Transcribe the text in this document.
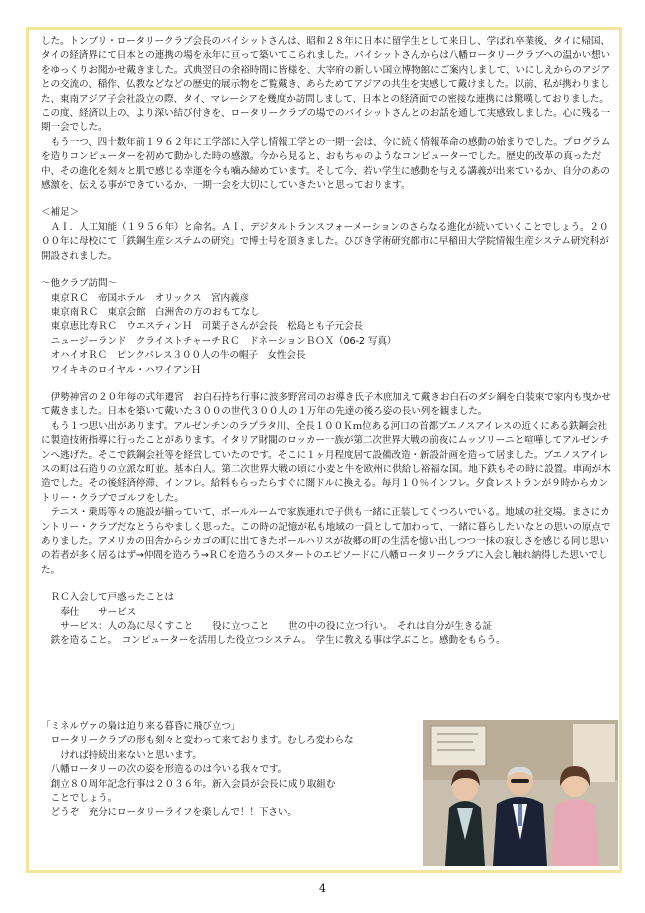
した。トンブリ・ロータリークラブ会長のパイシットさんは、昭和２８年に日本に留学生として来日し、学ばれ卒業後、タイに帰国、タイの経済界にて日本との連携の場を永年に亘って築いてこられました。パイシットさんからは八幡ロータリークラブへの温かい想いをゆっくりお聞かせ戴きました。式典翌日の余裕時間に皆様を、大宰府の新しい国立博物館にご案内しまして、いにしえからのアジアとの交流の、稲作、仏教などなどの歴史的展示物をご覧戴き、あらためてアジアの共生を実感して戴けました。以前、私が携わりました、東南アジア子会社設立の際、タイ、マレーシアを幾度か訪問しまして、日本との経済面での密接な連携には驚嘆しておりました。この度、経済以上の、より深い結び付きを、ロータリークラブの場でのパイシットさんとのお話を通して実感致しました。心に残る一期一会でした。

もう一つ、四十数年前１９６２年に工学部に入学し情報工学との一期一会は、今に続く情報革命の感動の始まりでした。プログラムを造りコンピューターを初めて動かした時の感激。今から見ると、おもちゃのようなコンピューターでした。歴史的改革の真っただ中、その進化を刻々と肌で感じる幸運を今も噛み締めています。そして今、若い学生に感動を与える講義が出来ているか、自分のあの感激を、伝える事ができているか、一期一会を大切にしていきたいと思っております。

＜補足＞

ＡＩ．人工知能（１９５６年）と命名。ＡＩ、デジタルトランスフォーメーションのさらなる進化が続いていくことでしょう。２０００年に母校にて「鉄鋼生産システムの研究」で博士号を頂きました。ひびき学術研究都市に早稲田大学院情報生産システム研究科が開設されました。

〜他クラブ訪問〜

東京ＲＣ　帝国ホテル　オリックス　宮内義彦

東京南ＲＣ　東京会館　白洲舎の方のおもてなし

東京恵比寿ＲＣ　ウエスティンＨ　司葉子さんが会長　松島とも子元会長

ニュージーランド　クライストチャーチＲＣ　ドネーションＢＯＸ（06-2 写真）

オハイオＲＣ　ピンクパレス３００人の牛の帽子　女性会長

ワイキキのロイヤル・ハワイアンＨ

伊勢神宮の２０年毎の式年遷宮　お白石持ち行事に波多野宮司のお導き氏子木庶加えて戴きお白石のダシ綱を白装束で家内も曳かせて戴きました。日本を築いて戴いた３００の世代３００人の１万年の先達の後ろ姿の長い列を観ました。

もう１つ思い出があります。アルゼンチンのラプラタ川、全長１００Ｋｍ位ある河口の首都ブエノスアイレスの近くにある鉄鋼会社に製造技術指導に行ったことがあります。イタリア財閥のロッカー一族が第二次世界大戦の前夜にムッソリーニと喧嘩してアルゼンチンへ逃げた。そこで鉄鋼会社等を経営していたのです。そこに１ヶ月程度居て設備改造・新設計画を造って居ました。ブエノスアイレスの町は石造りの立派な町並。基本白人。第二次世界大戦の頃に小麦と牛を欧州に供給し裕福な国。地下鉄もその時に設置。車両が木造でした。その後経済停滞、インフレ。給料もらったらすぐに闇ドルに換える。毎月１０％インフレ。夕食レストランが９時からカントリー・クラブでゴルフをした。

テニス・乗馬等々の施設が揃っていて、ボールルームで家族連れで子供も一緒に正装してくつろいでいる。地域の社交場。まさにカントリー・クラブだなとうらやましく思った。この時の記憶が私も地域の一員として加わって、一緒に暮らしたいなとの思いの原点でありました。アメリカの田舎からシカゴの町に出てきたポールハリスが故郷の町の生活を憶い出しつつ一抹の寂しさを感じる同じ思いの若者が多く居るはず→仲間を造ろう→ＲＣを造ろうのスタートのエピソードに八幡ロータリークラブに入会し触れ納得した思いでした。

ＲＣ入会して戸惑ったことは

奉仕　　サービス

サービス：人の為に尽くすこと　　役に立つこと　　世の中の役に立つ行い。　それは自分が生きる証

鉄を造ること。　コンピューターを活用した役立つシステム。　学生に教える事は学ぶこと。感動をもらう。

「ミネルヴァの梟は迫り来る暮昏に飛び立つ」

ロータリークラブの形も刻々と変わって来ております。むしろ変わらな

ければ持続出来ないと思います。

八幡ロータリーの次の姿を形造るのは今いる我々です。

創立８０周年記念行事は２０３６年。新入会員が会長に成り取組む

ことでしょう。

どうぞ　充分にロータリーライフを楽しんで！！下さい。

4
